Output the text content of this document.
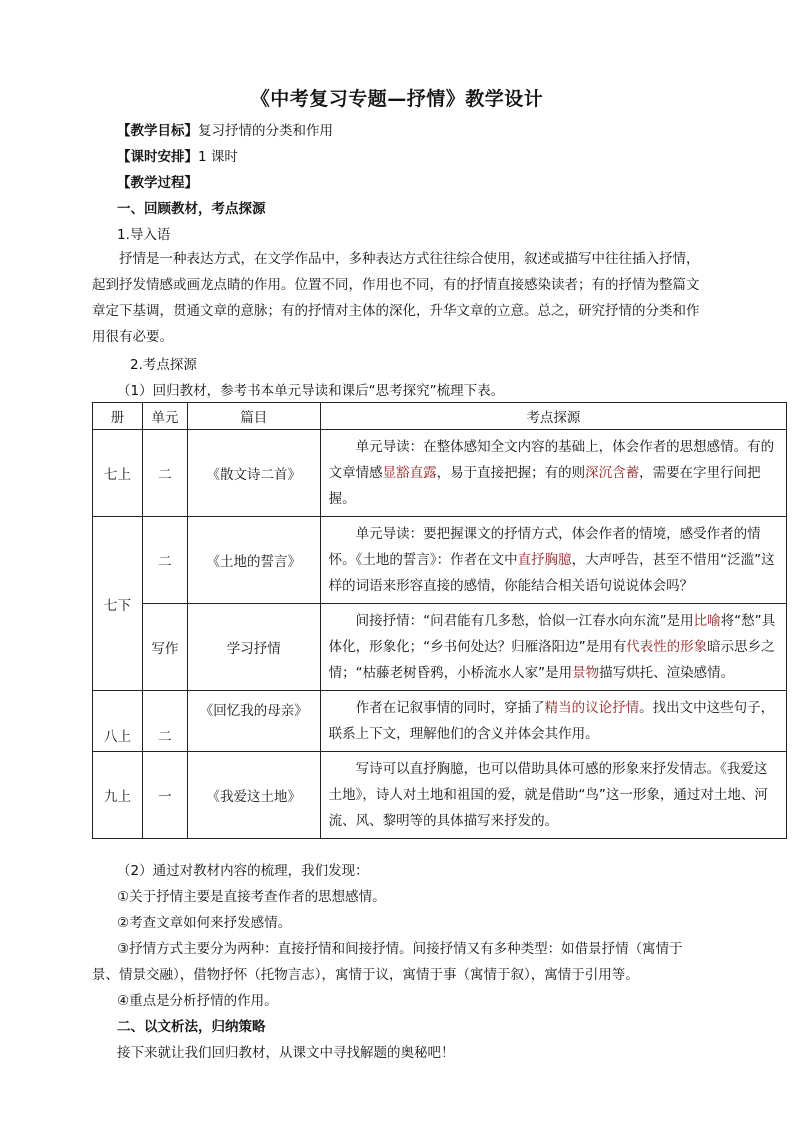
《中考复习专题—抒情》教学设计
【教学目标】复习抒情的分类和作用
【课时安排】1 课时
【教学过程】
一、回顾教材，考点探源
1.导入语
抒情是一种表达方式，在文学作品中，多种表达方式往往综合使用，叙述或描写中往往插入抒情，起到抒发情感或画龙点睛的作用。位置不同，作用也不同，有的抒情直接感染读者；有的抒情为整篇文章定下基调，贯通文章的意脉；有的抒情对主体的深化，升华文章的立意。总之，研究抒情的分类和作用很有必要。
2.考点探源
（1）回归教材，参考书本单元导读和课后“思考探究”梳理下表。
册	单元	篇目	考点探源
七上	二	《散文诗二首》	单元导读：在整体感知全文内容的基础上，体会作者的思想感情。有的文章情感显豁直露，易于直接把握；有的则深沉含蓄，需要在字里行间把握。
七下	二	《土地的誓言》	单元导读：要把握课文的抒情方式，体会作者的情境，感受作者的情怀。《土地的誓言》：作者在文中直抒胸臆，大声呼告，甚至不惜用“泛滥”这样的词语来形容直接的感情，你能结合相关语句说说体会吗？
	写作	学习抒情	间接抒情：“问君能有几多愁，恰似一江春水向东流”是用比喻将“愁”具体化，形象化；“乡书何处达？归雁洛阳边”是用有代表性的形象暗示思乡之情；“枯藤老树昏鸦，小桥流水人家”是用景物描写烘托、渲染感情。
八上	二	《回忆我的母亲》	作者在记叙事情的同时，穿插了精当的议论抒情。找出文中这些句子，联系上下文，理解他们的含义并体会其作用。
九上	一	《我爱这土地》	写诗可以直抒胸臆，也可以借助具体可感的形象来抒发情志。《我爱这土地》，诗人对土地和祖国的爱，就是借助“鸟”这一形象，通过对土地、河流、风、黎明等的具体描写来抒发的。
（2）通过对教材内容的梳理，我们发现：
①关于抒情主要是直接考查作者的思想感情。
②考查文章如何来抒发感情。
③抒情方式主要分为两种：直接抒情和间接抒情。间接抒情又有多种类型：如借景抒情（寓情于
景、情景交融），借物抒怀（托物言志），寓情于议，寓情于事（寓情于叙），寓情于引用等。
④重点是分析抒情的作用。
二、以文析法，归纳策略
接下来就让我们回归教材，从课文中寻找解题的奥秘吧！
